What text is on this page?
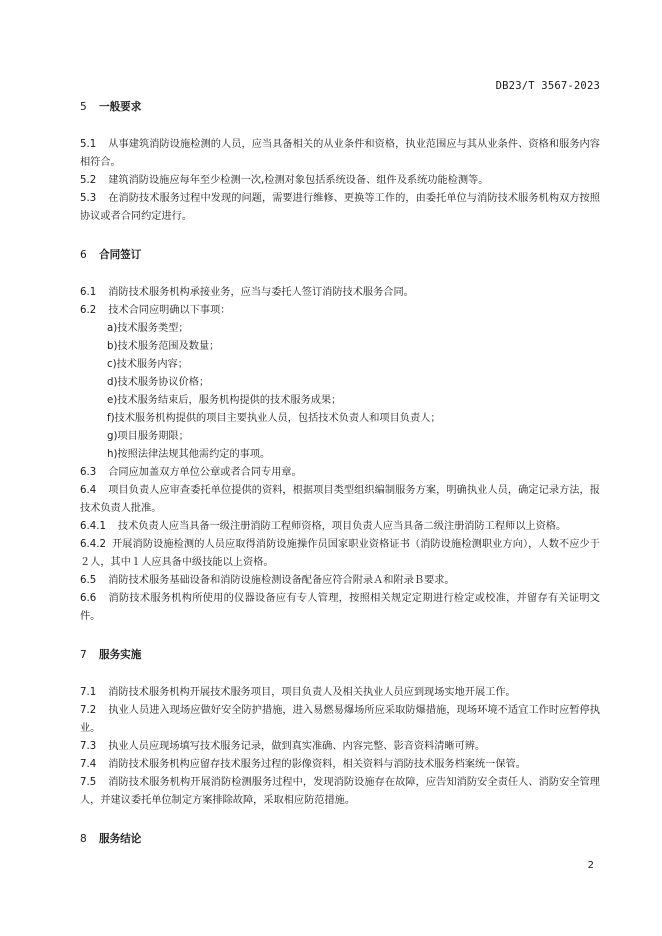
DB23/T 3567-2023
5 一般要求

5.1 从事建筑消防设施检测的人员，应当具备相关的从业条件和资格，执业范围应与其从业条件、资格和服务内容相符合。

5.2 建筑消防设施应每年至少检测一次,检测对象包括系统设备、组件及系统功能检测等。

5.3 在消防技术服务过程中发现的问题，需要进行维修、更换等工作的，由委托单位与消防技术服务机构双方按照协议或者合同约定进行。

6 合同签订

6.1 消防技术服务机构承接业务，应当与委托人签订消防技术服务合同。

6.2 技术合同应明确以下事项：

a)技术服务类型；

b)技术服务范围及数量；

c)技术服务内容；

d)技术服务协议价格；

e)技术服务结束后，服务机构提供的技术服务成果；

f)技术服务机构提供的项目主要执业人员，包括技术负责人和项目负责人；

g)项目服务期限；

h)按照法律法规其他需约定的事项。

6.3 合同应加盖双方单位公章或者合同专用章。

6.4 项目负责人应审查委托单位提供的资料，根据项目类型组织编制服务方案，明确执业人员，确定记录方法，报技术负责人批准。

6.4.1 技术负责人应当具备一级注册消防工程师资格，项目负责人应当具备二级注册消防工程师以上资格。

6.4.2 开展消防设施检测的人员应取得消防设施操作员国家职业资格证书（消防设施检测职业方向），人数不应少于２人，其中１人应具备中级技能以上资格。

6.5 消防技术服务基础设备和消防设施检测设备配备应符合附录Ａ和附录Ｂ要求。

6.6 消防技术服务机构所使用的仪器设备应有专人管理，按照相关规定定期进行检定或校准，并留存有关证明文件。

7 服务实施

7.1 消防技术服务机构开展技术服务项目，项目负责人及相关执业人员应到现场实地开展工作。

7.2 执业人员进入现场应做好安全防护措施，进入易燃易爆场所应采取防爆措施，现场环境不适宜工作时应暂停执业。

7.3 执业人员应现场填写技术服务记录，做到真实准确、内容完整、影音资料清晰可辨。

7.4 消防技术服务机构应留存技术服务过程的影像资料，相关资料与消防技术服务档案统一保管。

7.5 消防技术服务机构开展消防检测服务过程中，发现消防设施存在故障，应告知消防安全责任人、消防安全管理人，并建议委托单位制定方案排除故障，采取相应防范措施。

8 服务结论
2
